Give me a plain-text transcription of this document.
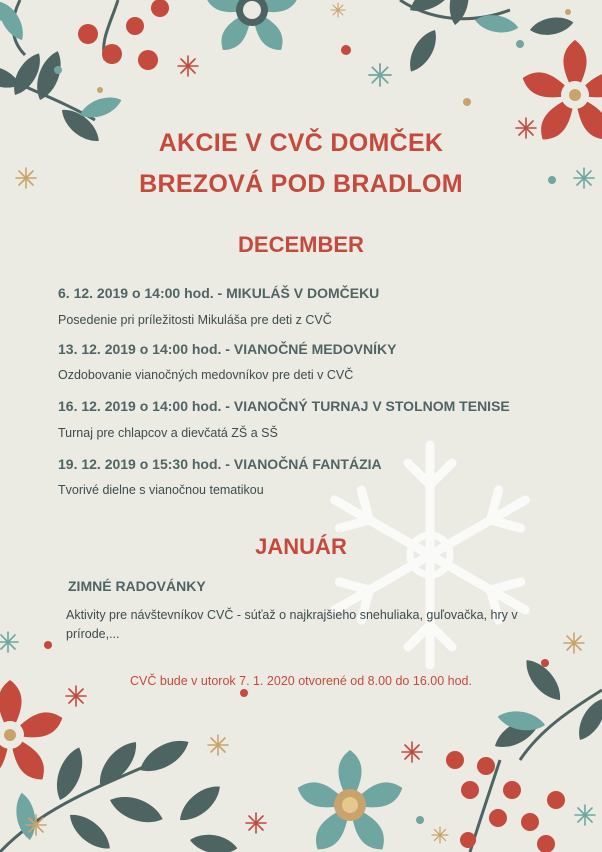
AKCIE V CVČ DOMČEK
BREZOVÁ POD BRADLOM
DECEMBER
6. 12. 2019 o 14:00 hod. - MIKULÁŠ V DOMČEKU
Posedenie pri príležitosti Mikuláša pre deti z CVČ
13. 12. 2019 o 14:00 hod. - VIANOČNÉ MEDOVNÍKY
Ozdobovanie vianočných medovníkov pre deti v CVČ
16. 12. 2019 o 14:00 hod. - VIANOČNÝ TURNAJ V STOLNOM TENISE
Turnaj pre chlapcov a dievčatá ZŠ a SŠ
19. 12. 2019 o 15:30 hod. - VIANOČNÁ FANTÁZIA
Tvorivé dielne s vianočnou tematikou
JANUÁR
ZIMNÉ RADOVÁNKY
Aktivity pre návštevníkov CVČ - súťaž o najkrajšieho snehuliaka, guľovačka, hry v prírode,...
CVČ bude v utorok 7. 1. 2020 otvorené od 8.00 do 16.00 hod.
